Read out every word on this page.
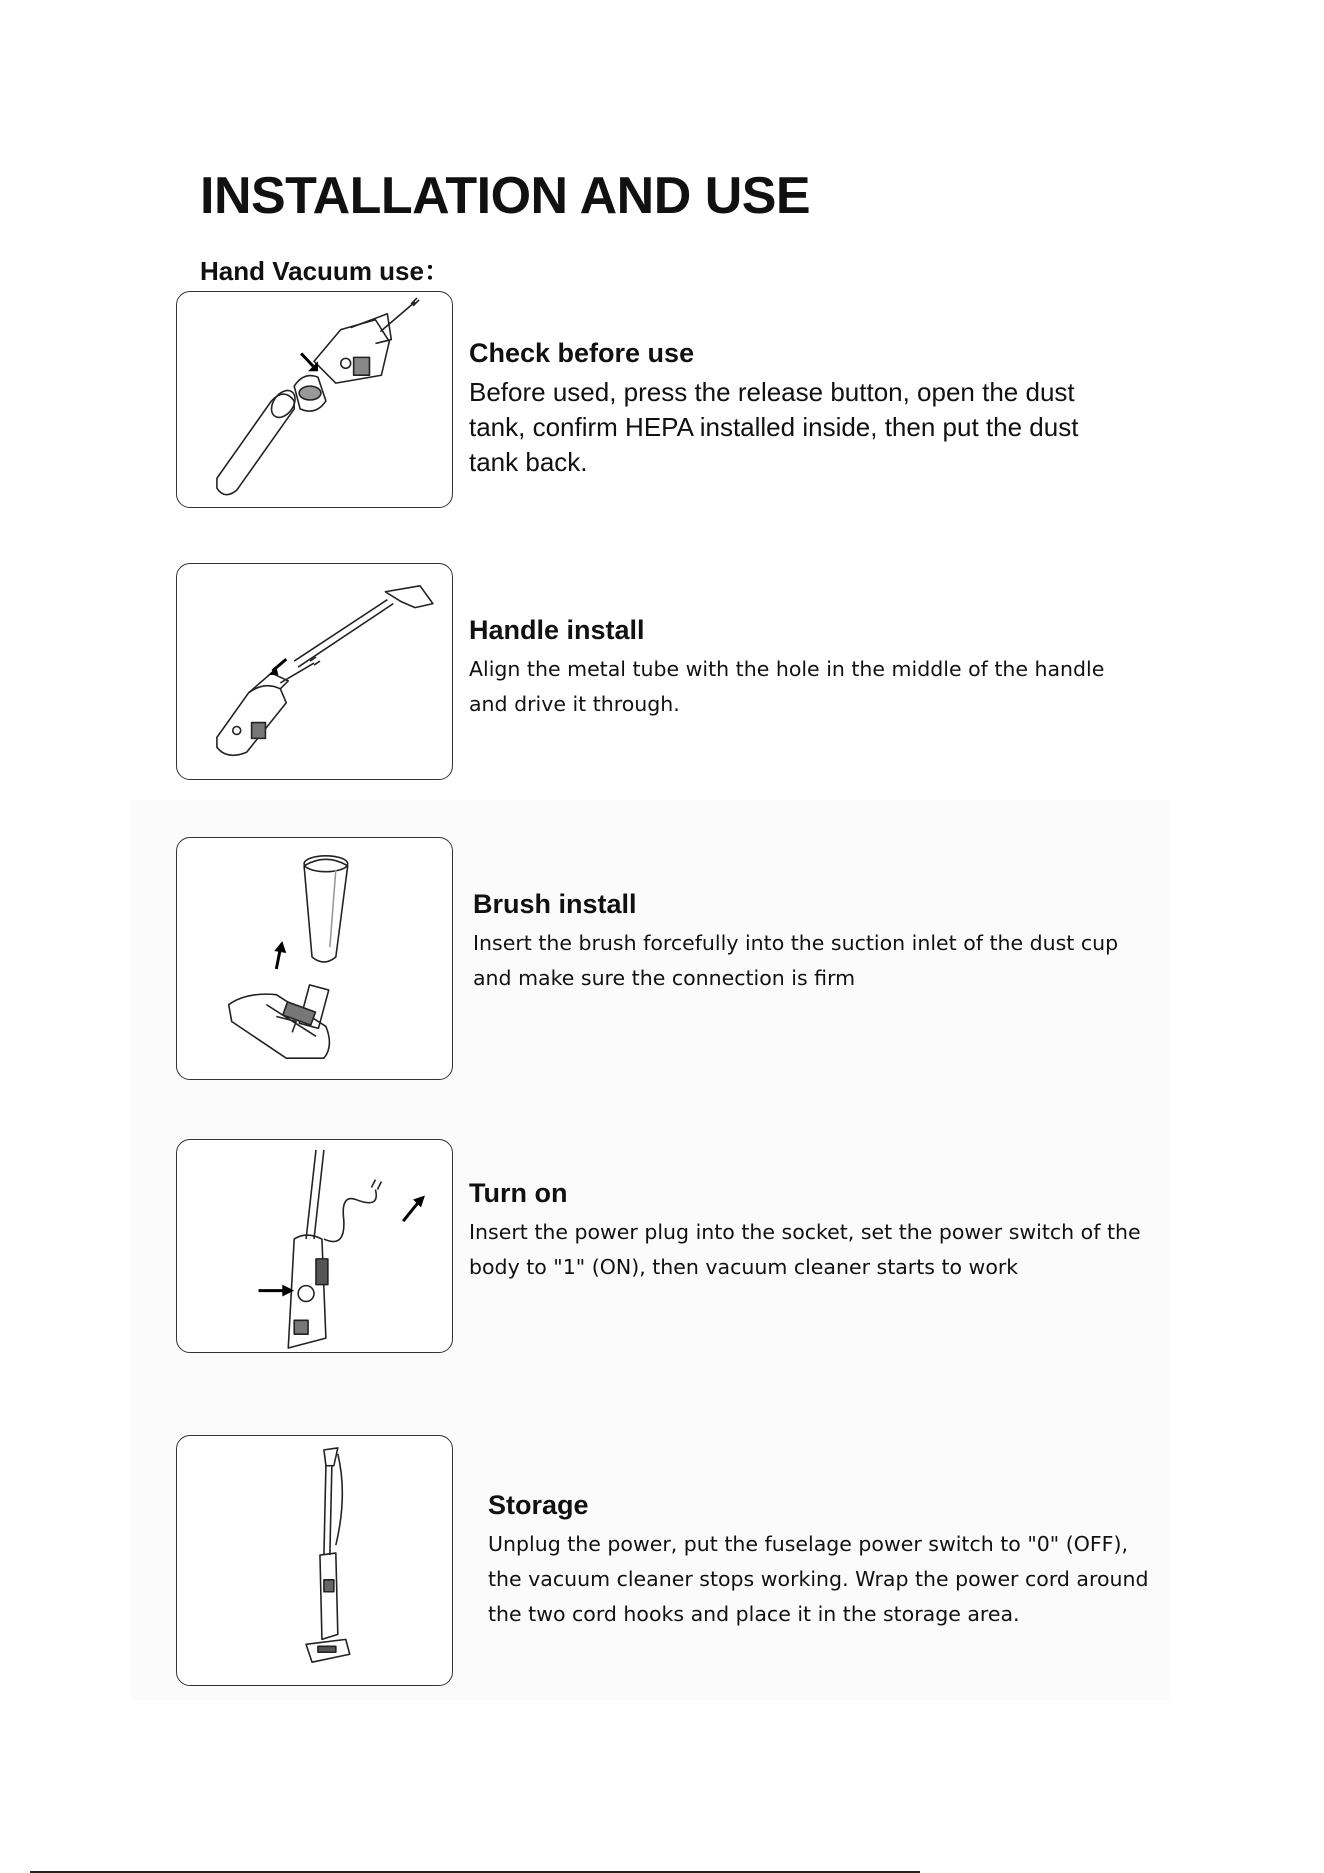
INSTALLATION AND USE
Hand Vacuum use：
Check before use

Before used, press the release button, open the dust tank, confirm HEPA installed inside, then put the dust tank back.

Handle install

Align the metal tube with the hole in the middle of the handle and drive it through.

Brush install

Insert the brush forcefully into the suction inlet of the dust cup and make sure the connection is firm

Turn on

Insert the power plug into the socket, set the power switch of the body to "1" (ON), then vacuum cleaner starts to work

Storage

Unplug the power, put the fuselage power switch to "0" (OFF), the vacuum cleaner stops working. Wrap the power cord around the two cord hooks and place it in the storage area.
